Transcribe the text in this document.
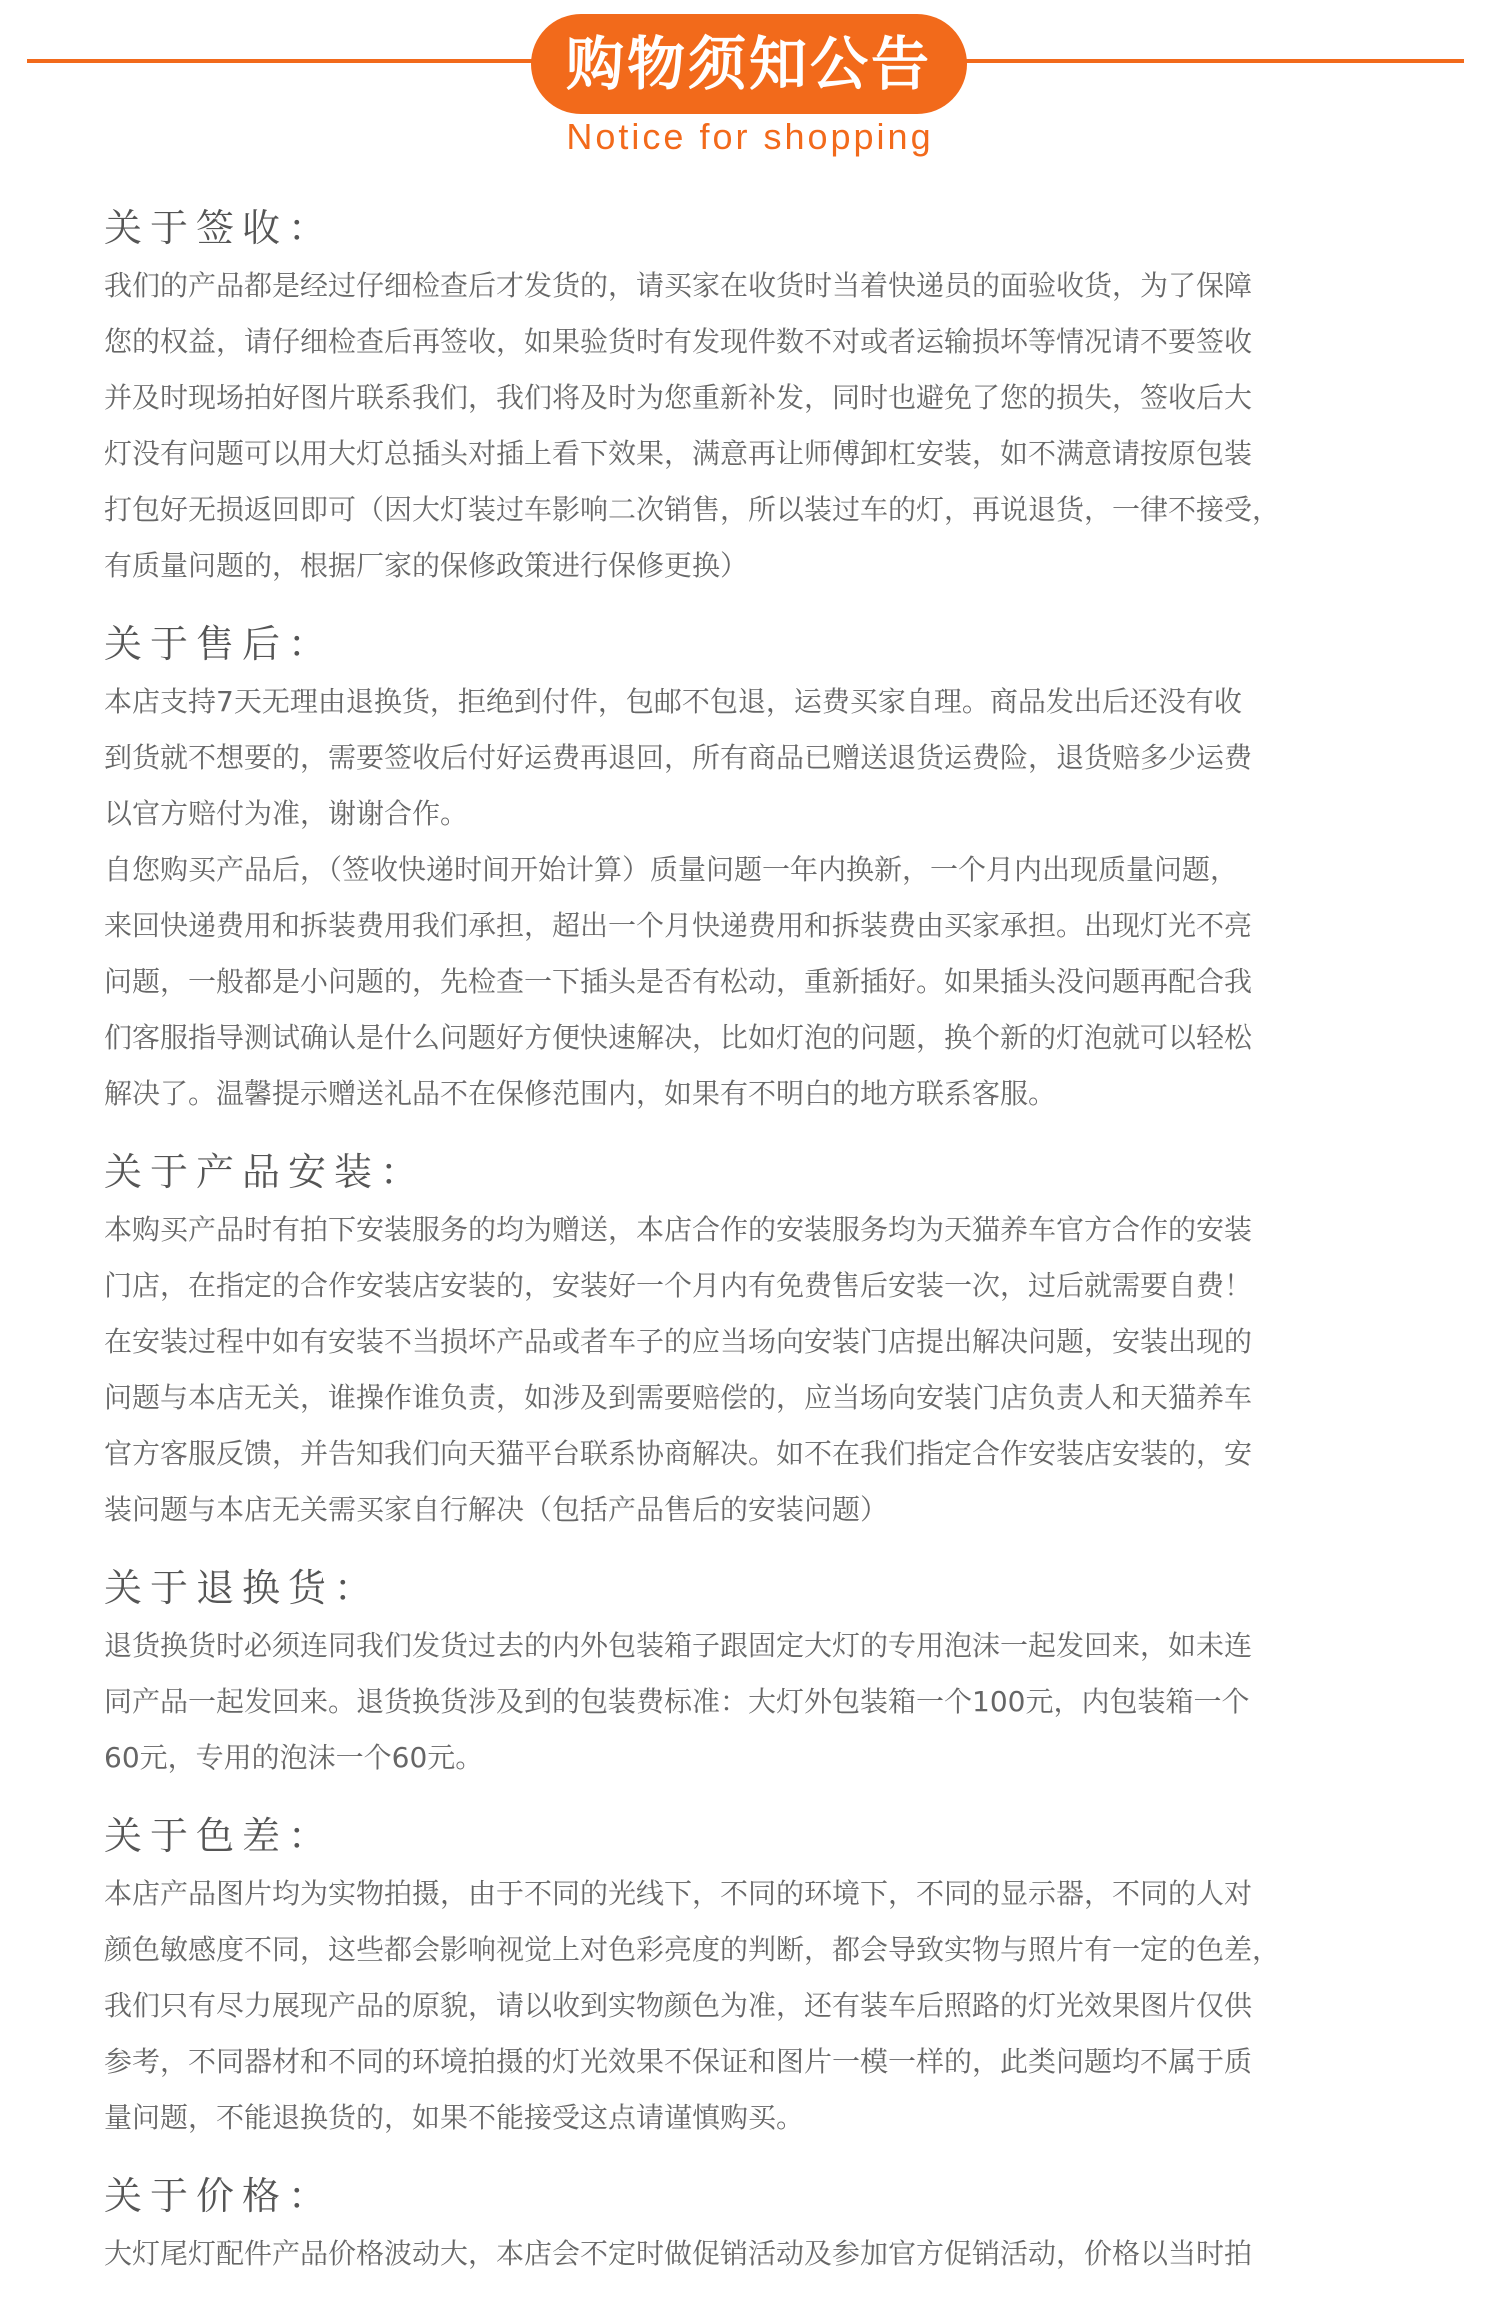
购物须知公告
Notice for shopping
关于签收：
我们的产品都是经过仔细检查后才发货的，请买家在收货时当着快递员的面验收货，为了保障
您的权益，请仔细检查后再签收，如果验货时有发现件数不对或者运输损坏等情况请不要签收
并及时现场拍好图片联系我们，我们将及时为您重新补发，同时也避免了您的损失，签收后大
灯没有问题可以用大灯总插头对插上看下效果，满意再让师傅卸杠安装，如不满意请按原包装
打包好无损返回即可（因大灯装过车影响二次销售，所以装过车的灯，再说退货，一律不接受，
有质量问题的，根据厂家的保修政策进行保修更换）
关于售后：
本店支持7天无理由退换货，拒绝到付件，包邮不包退，运费买家自理。商品发出后还没有收
到货就不想要的，需要签收后付好运费再退回，所有商品已赠送退货运费险，退货赔多少运费
以官方赔付为准，谢谢合作。
自您购买产品后，（签收快递时间开始计算）质量问题一年内换新，一个月内出现质量问题，
来回快递费用和拆装费用我们承担，超出一个月快递费用和拆装费由买家承担。出现灯光不亮
问题，一般都是小问题的，先检查一下插头是否有松动，重新插好。如果插头没问题再配合我
们客服指导测试确认是什么问题好方便快速解决，比如灯泡的问题，换个新的灯泡就可以轻松
解决了。温馨提示赠送礼品不在保修范围内，如果有不明白的地方联系客服。
关于产品安装：
本购买产品时有拍下安装服务的均为赠送，本店合作的安装服务均为天猫养车官方合作的安装
门店，在指定的合作安装店安装的，安装好一个月内有免费售后安装一次，过后就需要自费！
在安装过程中如有安装不当损坏产品或者车子的应当场向安装门店提出解决问题，安装出现的
问题与本店无关，谁操作谁负责，如涉及到需要赔偿的，应当场向安装门店负责人和天猫养车
官方客服反馈，并告知我们向天猫平台联系协商解决。如不在我们指定合作安装店安装的，安
装问题与本店无关需买家自行解决（包括产品售后的安装问题）
关于退换货：
退货换货时必须连同我们发货过去的内外包装箱子跟固定大灯的专用泡沫一起发回来，如未连
同产品一起发回来。退货换货涉及到的包装费标准：大灯外包装箱一个100元，内包装箱一个
60元，专用的泡沫一个60元。
关于色差：
本店产品图片均为实物拍摄，由于不同的光线下，不同的环境下，不同的显示器，不同的人对
颜色敏感度不同，这些都会影响视觉上对色彩亮度的判断，都会导致实物与照片有一定的色差，
我们只有尽力展现产品的原貌，请以收到实物颜色为准，还有装车后照路的灯光效果图片仅供
参考，不同器材和不同的环境拍摄的灯光效果不保证和图片一模一样的，此类问题均不属于质
量问题，不能退换货的，如果不能接受这点请谨慎购买。
关于价格：
大灯尾灯配件产品价格波动大，本店会不定时做促销活动及参加官方促销活动，价格以当时拍
